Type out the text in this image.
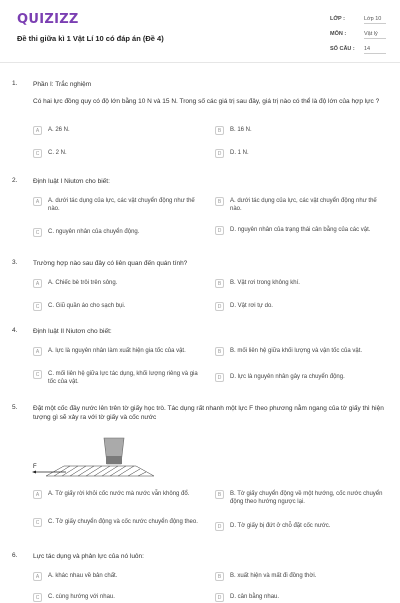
QUIZIZZ
Đề thi giữa kì 1 Vật Lí 10 có đáp án (Đề 4)
LỚP :	Lớp 10
MÔN :	Vật lý
SỐ CÂU : 14
1. Phần I: Trắc nghiệm
Có hai lực đồng quy có độ lớn bằng 10 N và 15 N. Trong số các giá trị sau đây, giá trị nào có thể là độ lớn của hợp lực ?
A	A. 26 N.	B	B. 16 N.
C	C. 2 N.	D	D. 1 N.
2. Định luật I Niutơn cho biết:
A	A. dưới tác dụng của lực, các vật chuyển động như thế nào.
B	A. dưới tác dụng của lực, các vật chuyển động như thế nào.
C	C. nguyên nhân của chuyển động.	D	D. nguyên nhân của trạng thái cân bằng của các vật.
3. Trường hợp nào sau đây có liên quan đến quán tính?
A	A. Chiếc bè trôi trên sông.	B	B. Vật rơi trong không khí.
C	C. Giũ quần áo cho sạch bụi.	D	D. Vật rơi tự do.
4. Định luật II Niutơn cho biết:
A	A. lực là nguyên nhân làm xuất hiện gia tốc của vật.	B	B. mối liên hệ giữa khối lượng và vận tốc của vật.
C	C. mối liên hệ giữa lực tác dụng, khối lượng riêng và gia tốc của vật.
D	D. lực là nguyên nhân gây ra chuyển động.
5. Đặt một cốc đầy nước lên trên tờ giấy học trò. Tác dụng rất nhanh một lực F theo phương nằm ngang của tờ giấy thì hiện tượng gì sẽ xảy ra với tờ giấy và cốc nước
F
A	A. Tờ giấy rời khỏi cốc nước mà nước vẫn không đổ.	B	B. Tờ giấy chuyển động về một hướng, cốc nước chuyển động theo hướng ngược lại.
C	C. Tờ giấy chuyển động và cốc nước chuyển động theo.
D	D. Tờ giấy bị đứt ở chỗ đặt cốc nước.
6. Lực tác dụng và phản lực của nó luôn:
A	A. khác nhau về bản chất.	B	B. xuất hiện và mất đi đồng thời.
C	C. cùng hướng với nhau.	D	D. cân bằng nhau.
